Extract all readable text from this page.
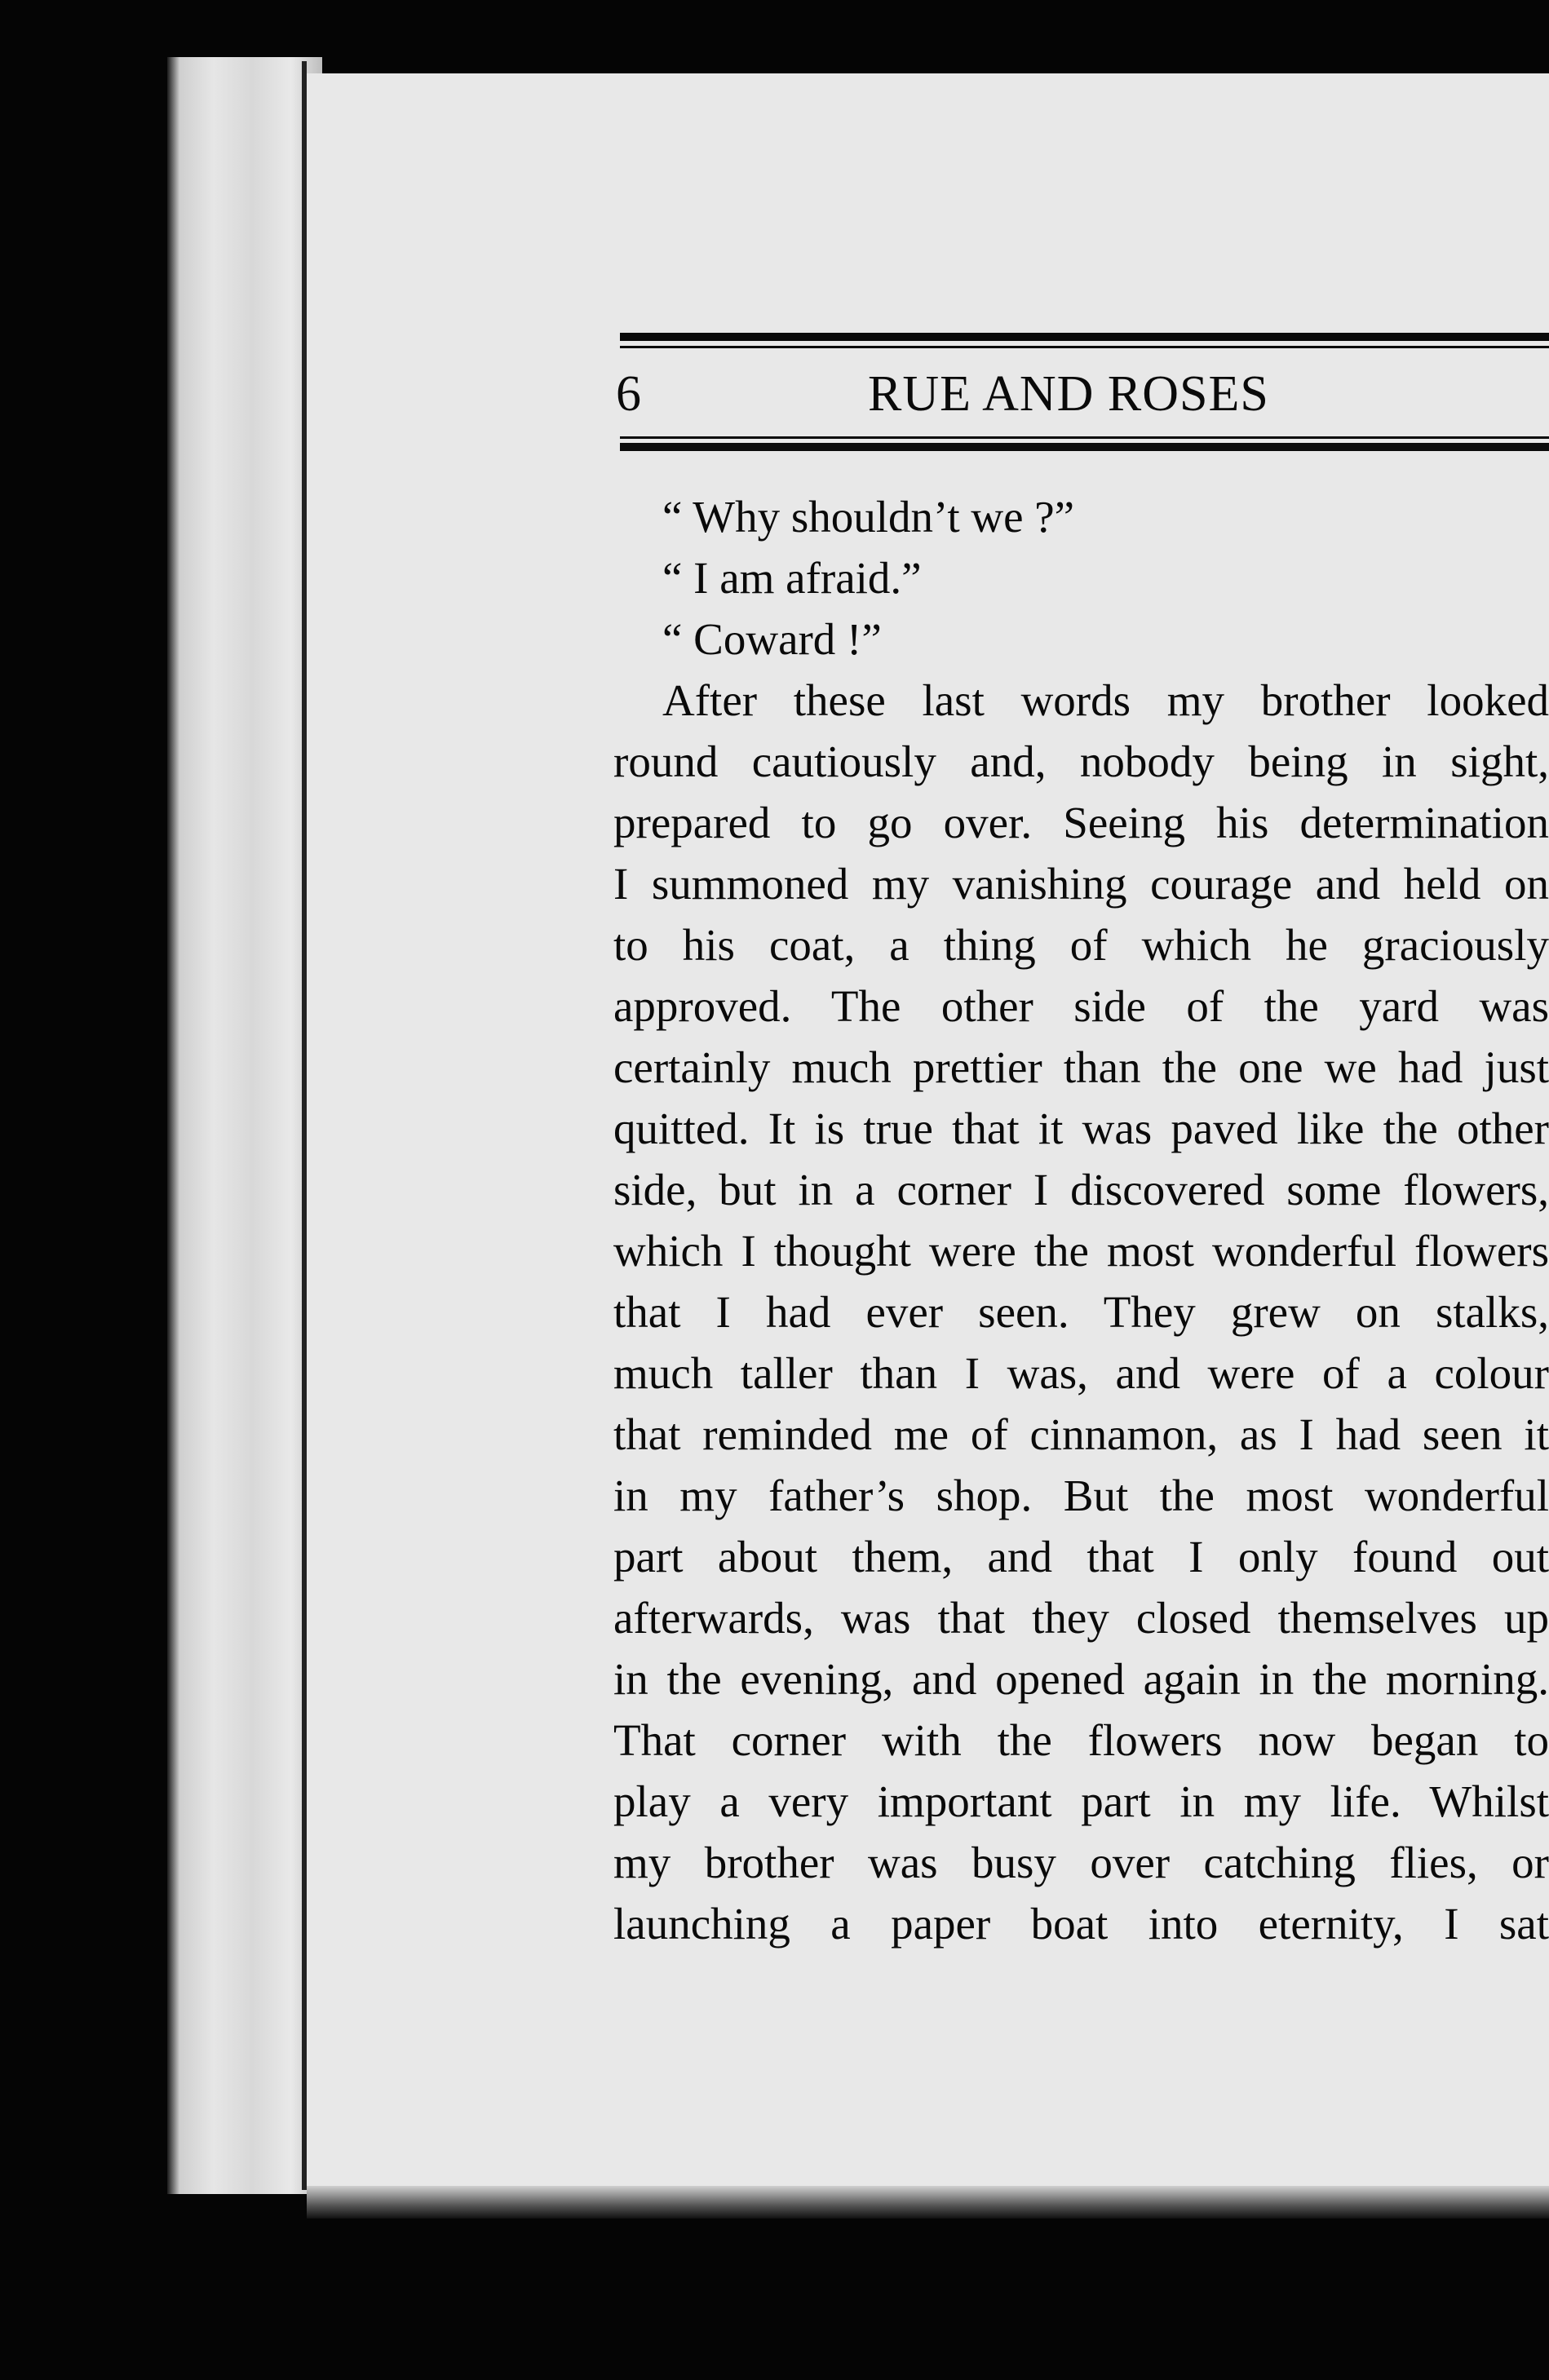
6	RUE AND ROSES
“ Why shouldn’t we ?”
“ I am afraid.”
“ Coward !”
After these last words my brother looked
round cautiously and, nobody being in sight,
prepared to go over. Seeing his determination
I summoned my vanishing courage and held on
to his coat, a thing of which he graciously
approved. The other side of the yard was
certainly much prettier than the one we had just
quitted. It is true that it was paved like the other
side, but in a corner I discovered some flowers,
which I thought were the most wonderful flowers
that I had ever seen. They grew on stalks,
much taller than I was, and were of a colour
that reminded me of cinnamon, as I had seen it
in my father’s shop. But the most wonderful
part about them, and that I only found out
afterwards, was that they closed themselves up
in the evening, and opened again in the morning.
That corner with the flowers now began to
play a very important part in my life. Whilst
my brother was busy over catching flies, or
launching a paper boat into eternity, I sat
